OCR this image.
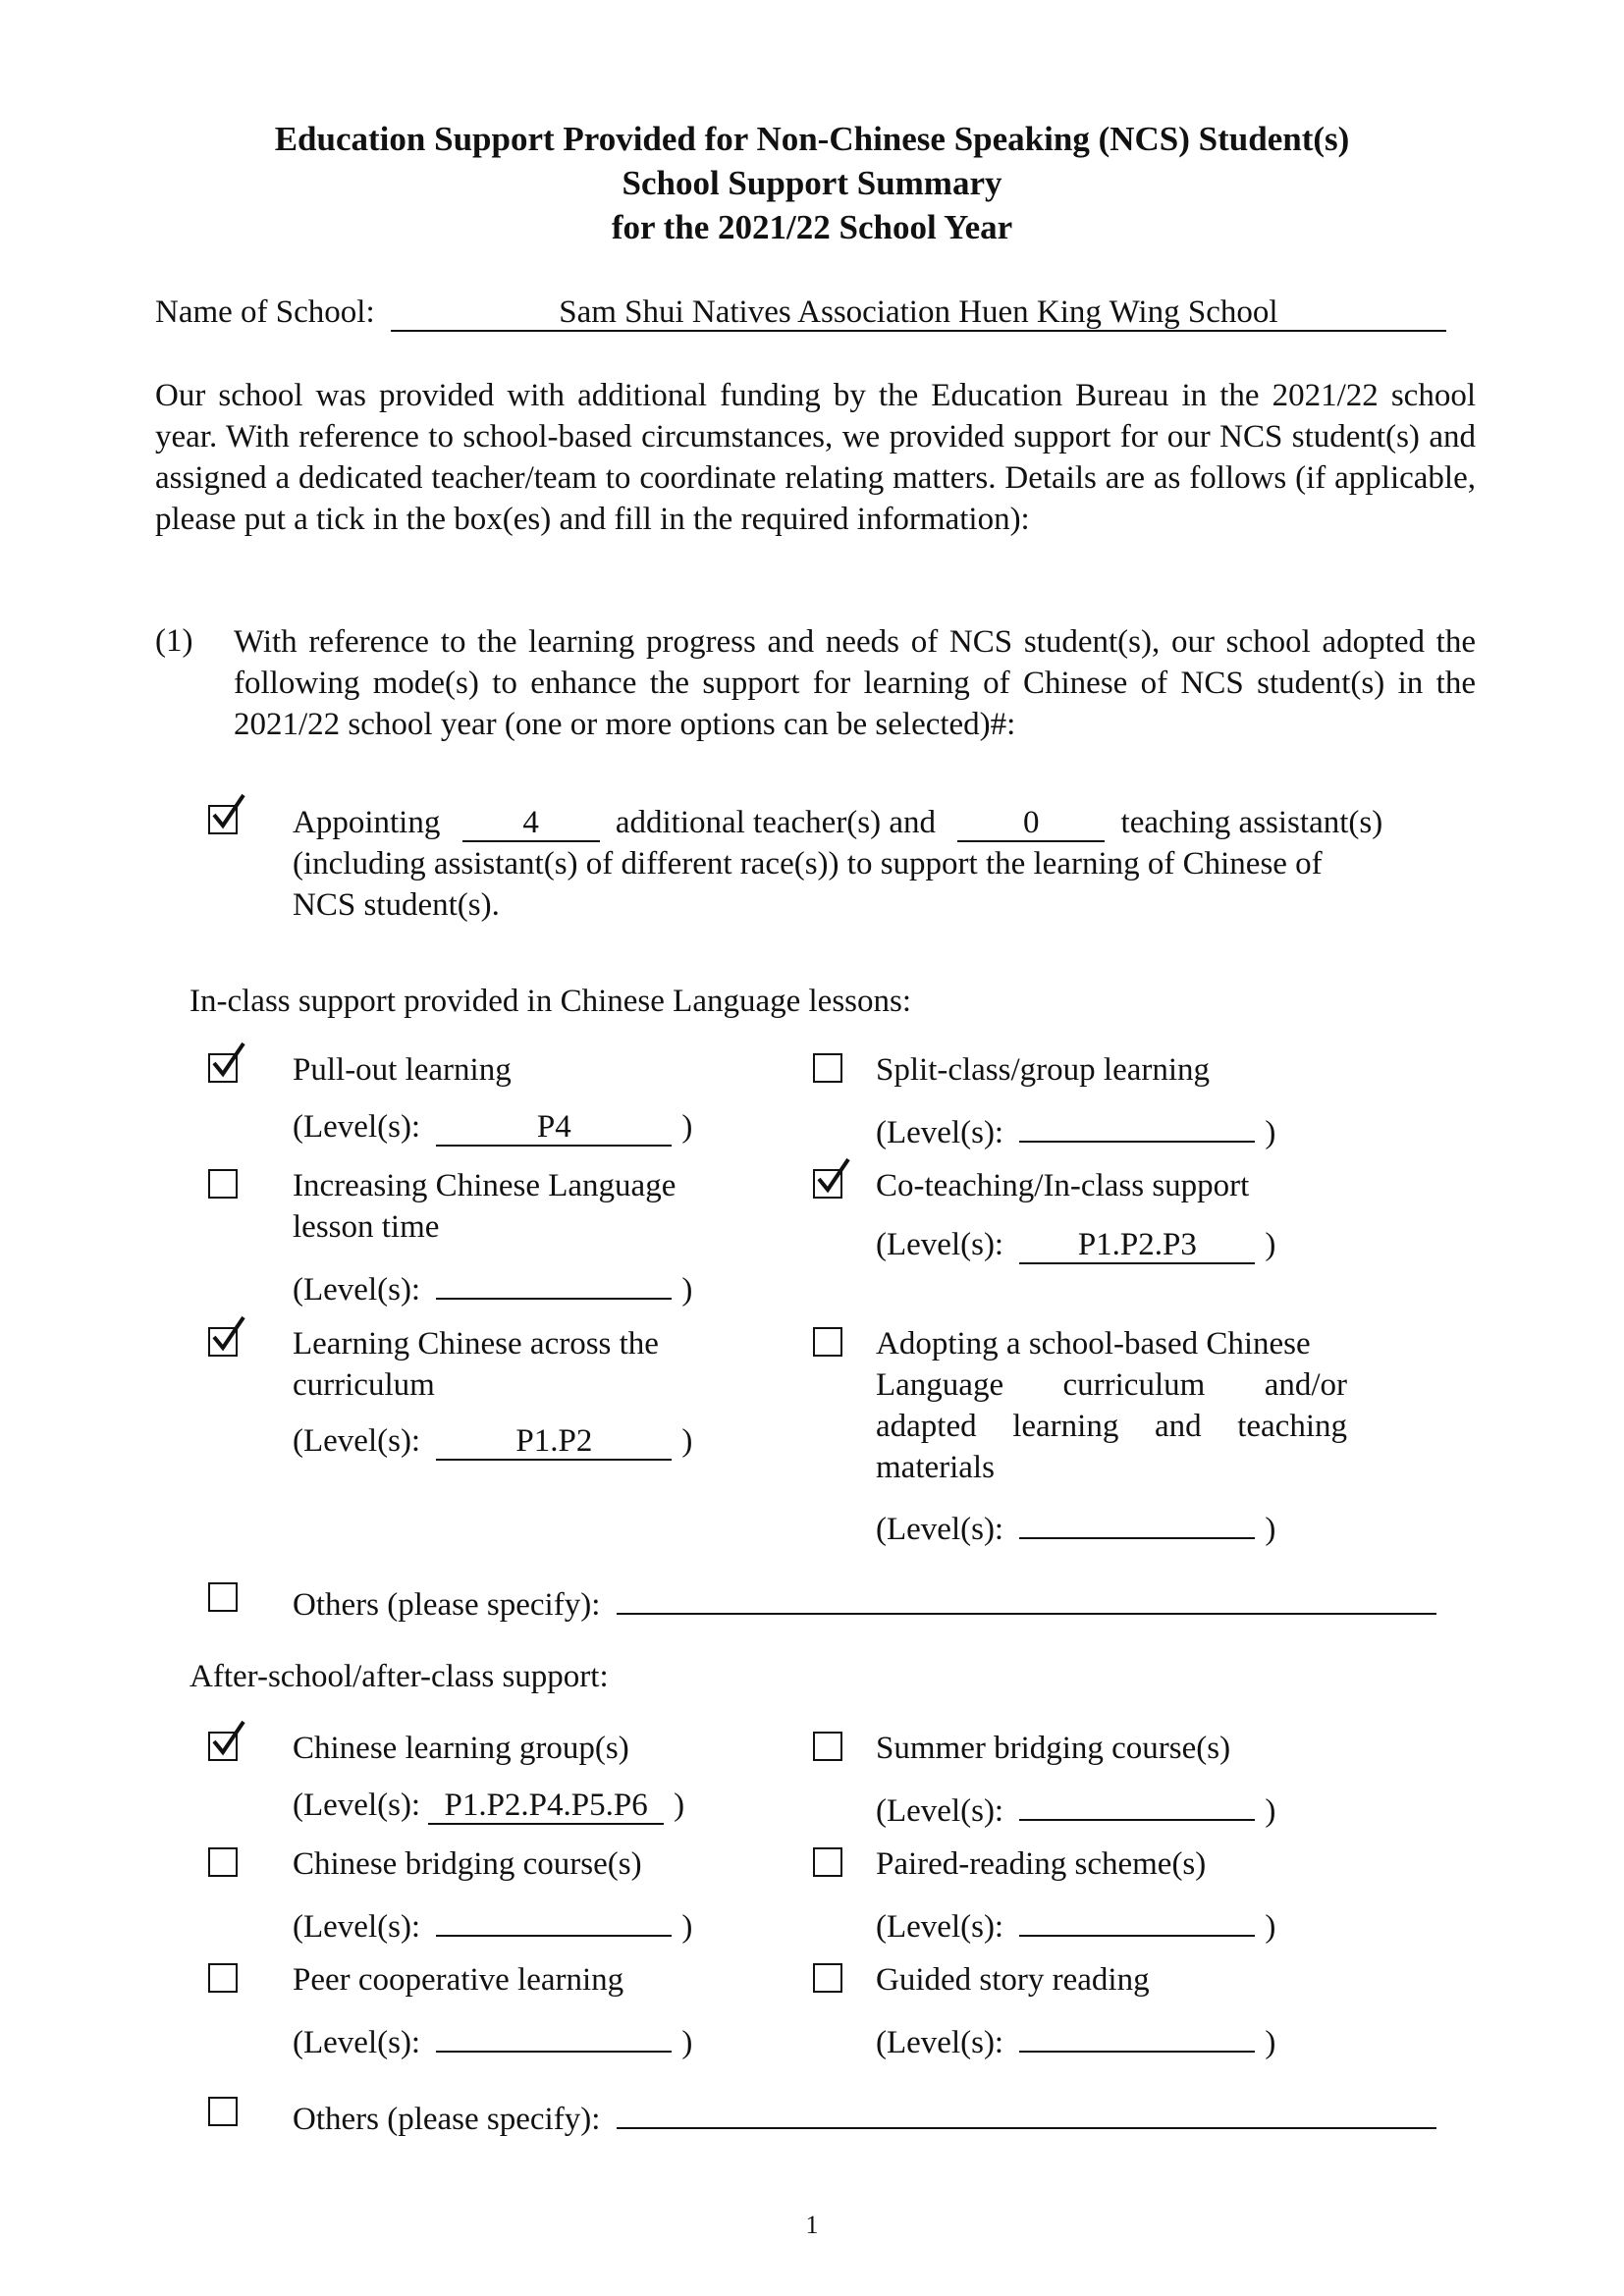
Education Support Provided for Non-Chinese Speaking (NCS) Student(s)
School Support Summary
for the 2021/22 School Year
Name of School:	Sam Shui Natives Association Huen King Wing School
Our school was provided with additional funding by the Education Bureau in the 2021/22 school year. With reference to school-based circumstances, we provided support for our NCS student(s) and assigned a dedicated teacher/team to coordinate relating matters. Details are as follows (if applicable, please put a tick in the box(es) and fill in the required information):
(1) With reference to the learning progress and needs of NCS student(s), our school adopted the following mode(s) to enhance the support for learning of Chinese of NCS student(s) in the 2021/22 school year (one or more options can be selected)#:
Appointing	4 additional teacher(s) and	0	teaching assistant(s)
(including assistant(s) of different race(s)) to support the learning of Chinese of
NCS student(s).
In-class support provided in Chinese Language lessons:
Pull-out learning
(Level(s):	P4	)
Split-class/group learning
(Level(s):	)
Increasing Chinese Language
lesson time
(Level(s):	)
Co-teaching/In-class support
(Level(s): P1.P2.P3 )
Learning Chinese across the
curriculum
(Level(s):	P1.P2	)
Adopting a school-based Chinese
Language curriculum and/or
adapted learning and teaching
materials
(Level(s):	)
Others (please specify):
After-school/after-class support:
Chinese learning group(s)
(Level(s): P1.P2.P4.P5.P6 )
Summer bridging course(s)
(Level(s):	)
Chinese bridging course(s)
(Level(s):	)
Paired-reading scheme(s)
(Level(s):	)
Peer cooperative learning
(Level(s):	)
Guided story reading
(Level(s):	)
Others (please specify):
1
